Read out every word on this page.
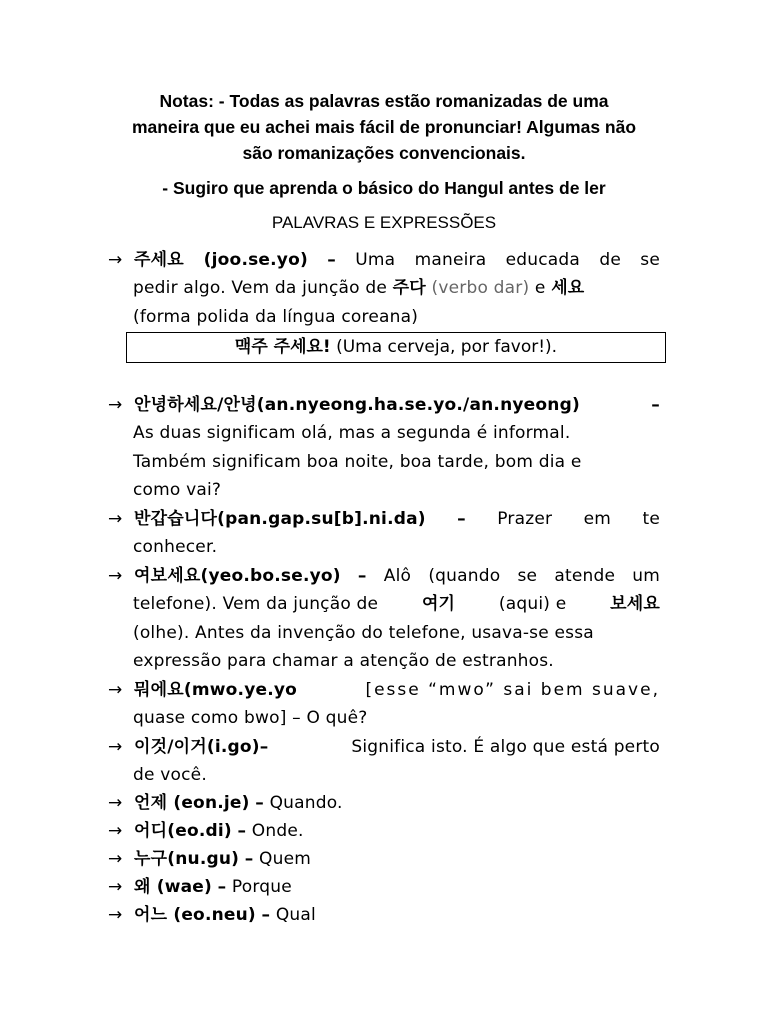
Notas: - Todas as palavras estão romanizadas de uma
maneira que eu achei mais fácil de pronunciar! Algumas não
são romanizações convencionais.
- Sugiro que aprenda o básico do Hangul antes de ler
PALAVRAS E EXPRESSÕES
→ 주세요 (joo.se.yo) – Uma maneira educada de se
pedir algo. Vem da junção de 주다 (verbo dar) e 세요
(forma polida da língua coreana)
맥주 주세요! (Uma cerveja, por favor!).
→ 안녕하세요/안녕(an.nyeong.ha.se.yo./an.nyeong)	–
As duas significam olá, mas a segunda é informal.
Também significam boa noite, boa tarde, bom dia e
como vai?
→ 반갑습니다(pan.gap.su[b].ni.da) – Prazer em te
conhecer.
→ 여보세요(yeo.bo.se.yo) – Alô (quando se atende um
telefone). Vem da junção de	여기	(aqui) e	보세요
(olhe). Antes da invenção do telefone, usava-se essa
expressão para chamar a atenção de estranhos.
→ 뭐에요(mwo.ye.yo	[esse “mwo” sai bem suave,
quase como bwo] – O quê?
→ 이것/이거(i.go)–	Significa isto. É algo que está perto
de você.
→ 언제 (eon.je) – Quando.
→ 어디(eo.di) – Onde.
→ 누구(nu.gu) – Quem
→ 왜 (wae) – Porque
→ 어느 (eo.neu) – Qual
